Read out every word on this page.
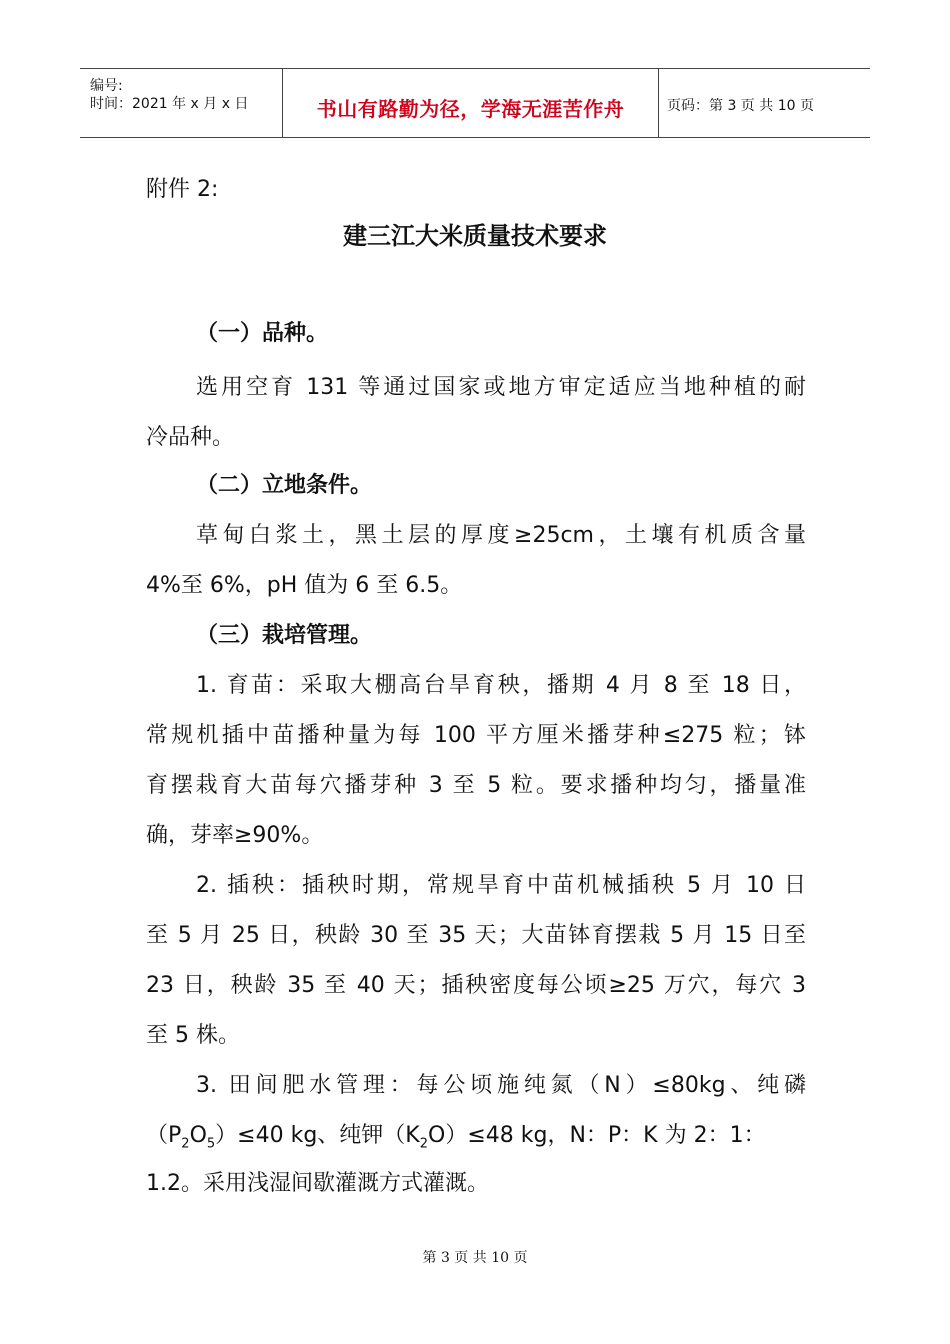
编号:
时间：2021 年 x 月 x 日	书山有路勤为径，学海无涯苦作舟	页码：第 3 页 共 10 页
附件 2:
建三江大米质量技术要求
（一）品种。
选用空育 131 等通过国家或地方审定适应当地种植的耐
冷品种。
（二）立地条件。
草甸白浆土，黑土层的厚度≥25cm，土壤有机质含量
4%至 6%，pH 值为 6 至 6.5。
（三）栽培管理。
1. 育苗：采取大棚高台旱育秧，播期 4 月 8 至 18 日，
常规机插中苗播种量为每 100 平方厘米播芽种≤275 粒；钵
育摆栽育大苗每穴播芽种 3 至 5 粒。要求播种均匀，播量准
确，芽率≥90%。
2. 插秧：插秧时期，常规旱育中苗机械插秧 5 月 10 日
至 5 月 25 日，秧龄 30 至 35 天；大苗钵育摆栽 5 月 15 日至
23 日，秧龄 35 至 40 天；插秧密度每公顷≥25 万穴，每穴 3
至 5 株。
3. 田间肥水管理：每公顷施纯氮（N）≤80kg、纯磷
$(P_2O_5)\le 40$ kg、纯钾$(K_2O)\le 48$ kg，N：P：K 为 2：1：
1.2。采用浅湿间歇灌溉方式灌溉。
第 3 页 共 10 页
